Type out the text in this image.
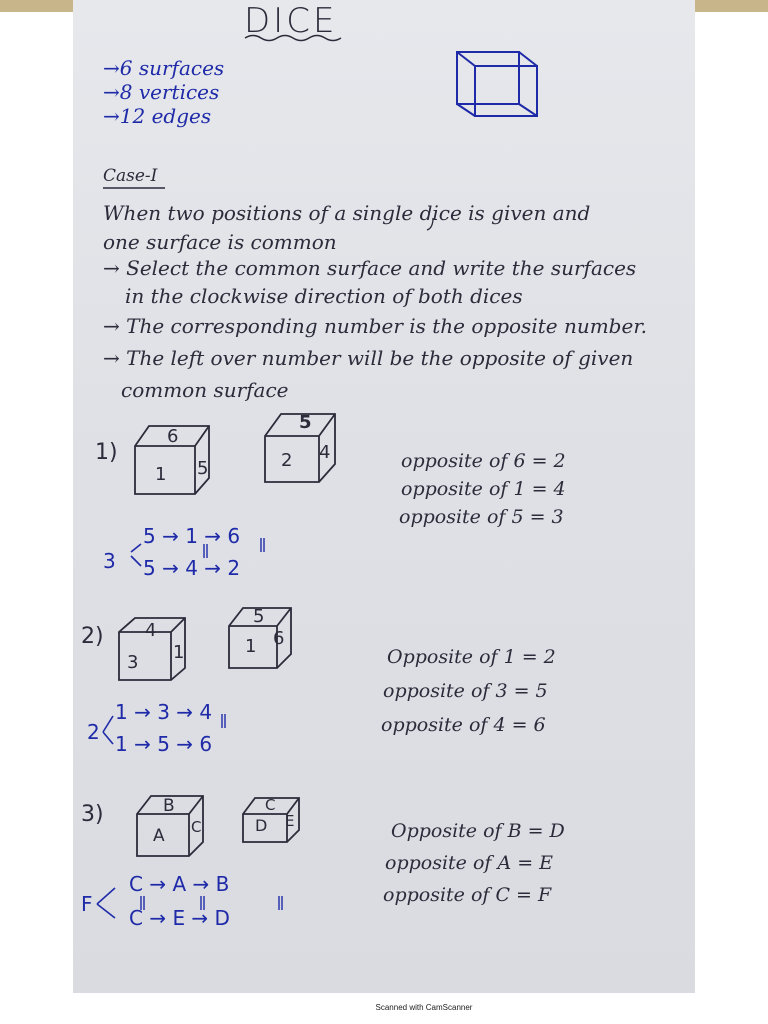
DICE
→6 surfaces
→8 vertices
→12 edges
Case-I
When two positions of a single dice is given and
one surface is common
→ Select the common surface and write the surfaces
in the clockwise direction of both dices
→ The corresponding number is the opposite number.
→ The left over number will be the opposite of given
common surface
1)
6
1 5
5
2 4
3
5 → 1 → 6
5 → 4 → 2
opposite of 6 = 2
opposite of 1 = 4
opposite of 5 = 3
2) 4
3 1
5
1 6
2
1 → 3 → 4
1 → 5 → 6
Opposite of 1 = 2
opposite of 3 = 5
opposite of 4 = 6
3)	B
A C
C
D E
F
C → A → B
C → E → D
Opposite of B = D
opposite of A = E
opposite of C = F
Scanned with CamScanner
